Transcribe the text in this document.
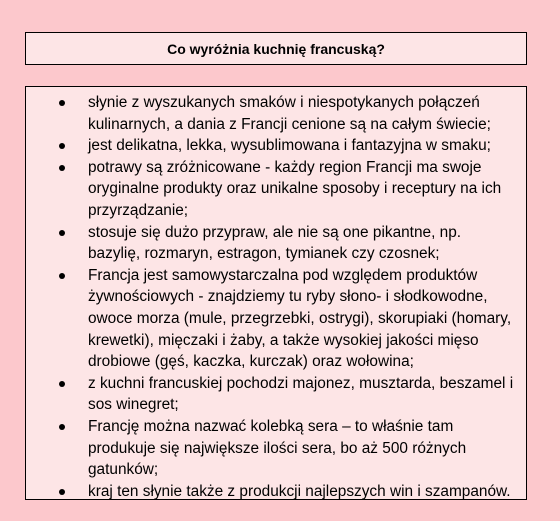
Co wyróżnia kuchnię francuską?
słynie z wyszukanych smaków i niespotykanych połączeń kulinarnych, a dania z Francji cenione są na całym świecie;
jest delikatna, lekka, wysublimowana i fantazyjna w smaku;
potrawy są zróżnicowane - każdy region Francji ma swoje oryginalne produkty oraz unikalne sposoby i receptury na ich przyrządzanie;
stosuje się dużo przypraw, ale nie są one pikantne, np. bazylię, rozmaryn, estragon, tymianek czy czosnek;
Francja jest samowystarczalna pod względem produktów żywnościowych - znajdziemy tu ryby słono- i słodkowodne, owoce morza (mule, przegrzebki, ostrygi), skorupiaki (homary, krewetki), mięczaki i żaby, a także wysokiej jakości mięso drobiowe (gęś, kaczka, kurczak) oraz wołowina;
z kuchni francuskiej pochodzi majonez, musztarda, beszamel i sos winegret;
Francję można nazwać kolebką sera – to właśnie tam produkuje się największe ilości sera, bo aż 500 różnych gatunków;
kraj ten słynie także z produkcji najlepszych win i szampanów.
